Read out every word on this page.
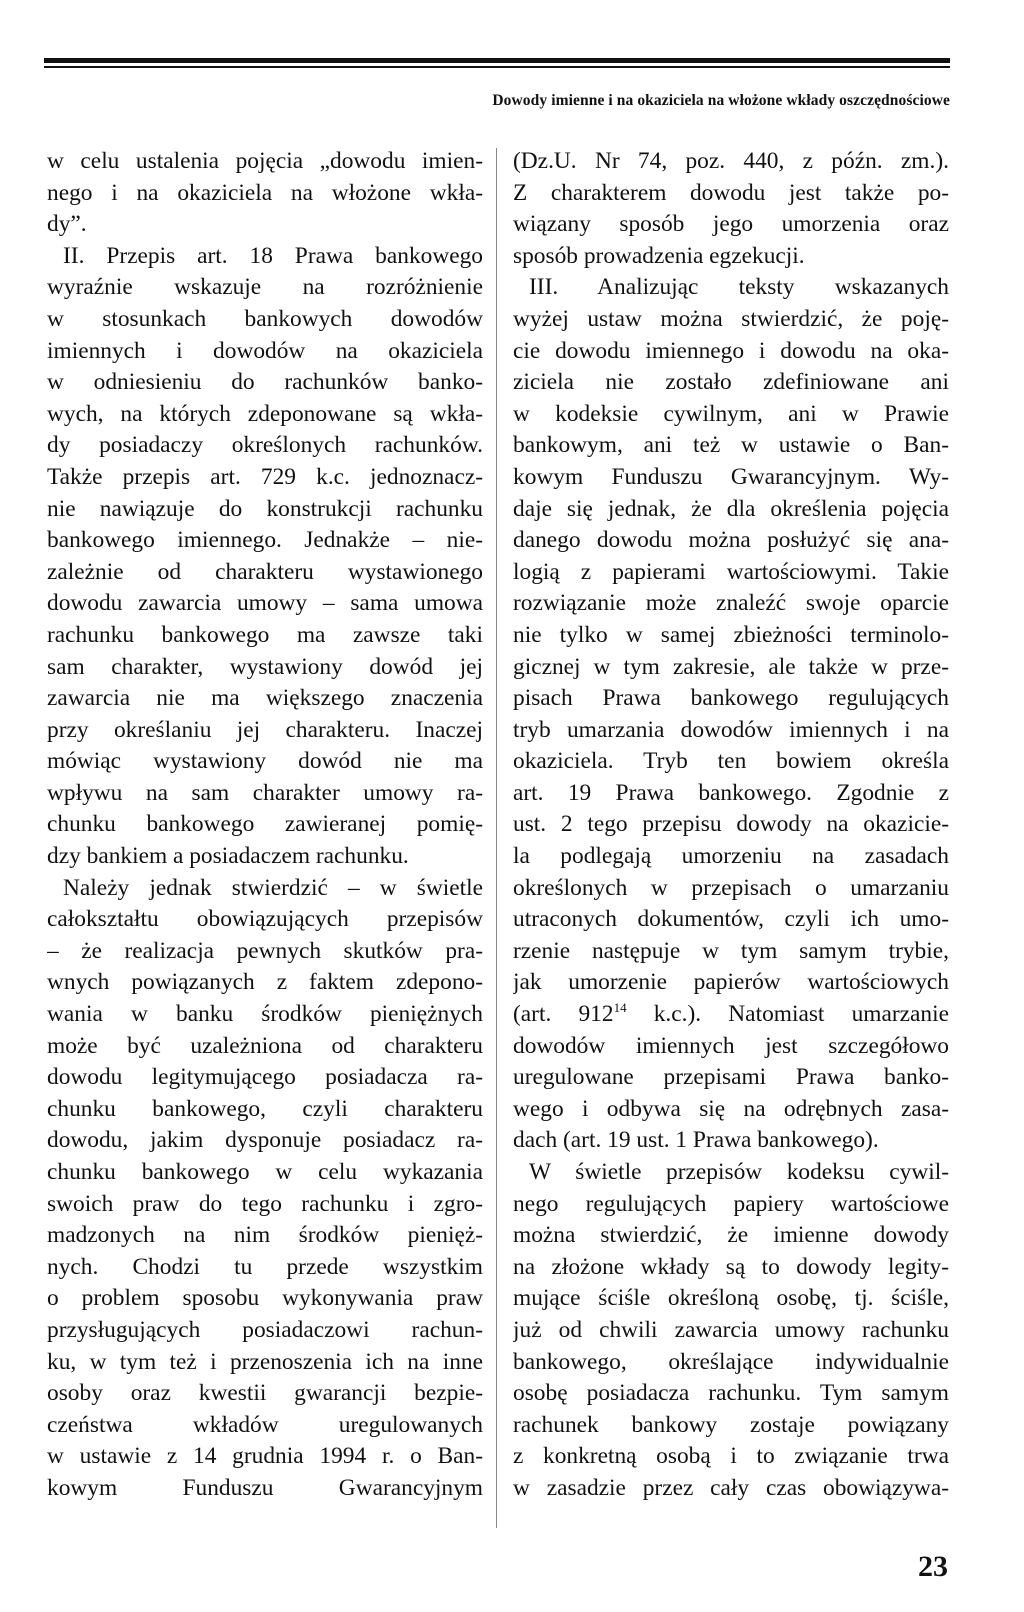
Dowody imienne i na okaziciela na włożone wkłady oszczędnościowe
w celu ustalenia pojęcia „dowodu imien-
nego i na okaziciela na włożone wkła-
dy”.
II. Przepis art. 18 Prawa bankowego
wyraźnie wskazuje na rozróżnienie
w stosunkach bankowych dowodów
imiennych i dowodów na okaziciela
w odniesieniu do rachunków banko-
wych, na których zdeponowane są wkła-
dy posiadaczy określonych rachunków.
Także przepis art. 729 k.c. jednoznacz-
nie nawiązuje do konstrukcji rachunku
bankowego imiennego. Jednakże – nie-
zależnie od charakteru wystawionego
dowodu zawarcia umowy – sama umowa
rachunku bankowego ma zawsze taki
sam charakter, wystawiony dowód jej
zawarcia nie ma większego znaczenia
przy określaniu jej charakteru. Inaczej
mówiąc wystawiony dowód nie ma
wpływu na sam charakter umowy ra-
chunku bankowego zawieranej pomię-
dzy bankiem a posiadaczem rachunku.
Należy jednak stwierdzić – w świetle
całokształtu obowiązujących przepisów
– że realizacja pewnych skutków pra-
wnych powiązanych z faktem zdepono-
wania w banku środków pieniężnych
może być uzależniona od charakteru
dowodu legitymującego posiadacza ra-
chunku bankowego, czyli charakteru
dowodu, jakim dysponuje posiadacz ra-
chunku bankowego w celu wykazania
swoich praw do tego rachunku i zgro-
madzonych na nim środków pienięż-
nych. Chodzi tu przede wszystkim
o problem sposobu wykonywania praw
przysługujących posiadaczowi rachun-
ku, w tym też i przenoszenia ich na inne
osoby oraz kwestii gwarancji bezpie-
czeństwa wkładów uregulowanych
w ustawie z 14 grudnia 1994 r. o Ban-
kowym Funduszu Gwarancyjnym
(Dz.U. Nr 74, poz. 440, z późn. zm.).
Z charakterem dowodu jest także po-
wiązany sposób jego umorzenia oraz
sposób prowadzenia egzekucji.
III. Analizując teksty wskazanych
wyżej ustaw można stwierdzić, że poję-
cie dowodu imiennego i dowodu na oka-
ziciela nie zostało zdefiniowane ani
w kodeksie cywilnym, ani w Prawie
bankowym, ani też w ustawie o Ban-
kowym Funduszu Gwarancyjnym. Wy-
daje się jednak, że dla określenia pojęcia
danego dowodu można posłużyć się ana-
logią z papierami wartościowymi. Takie
rozwiązanie może znaleźć swoje oparcie
nie tylko w samej zbieżności terminolo-
gicznej w tym zakresie, ale także w prze-
pisach Prawa bankowego regulujących
tryb umarzania dowodów imiennych i na
okaziciela. Tryb ten bowiem określa
art. 19 Prawa bankowego. Zgodnie z
ust. 2 tego przepisu dowody na okazicie-
la podlegają umorzeniu na zasadach
określonych w przepisach o umarzaniu
utraconych dokumentów, czyli ich umo-
rzenie następuje w tym samym trybie,
jak umorzenie papierów wartościowych
(art. $912^{14}$ k.c.). Natomiast umarzanie
dowodów imiennych jest szczegółowo
uregulowane przepisami Prawa banko-
wego i odbywa się na odrębnych zasa-
dach (art. 19 ust. 1 Prawa bankowego).
W świetle przepisów kodeksu cywil-
nego regulujących papiery wartościowe
można stwierdzić, że imienne dowody
na złożone wkłady są to dowody legity-
mujące ściśle określoną osobę, tj. ściśle,
już od chwili zawarcia umowy rachunku
bankowego, określające indywidualnie
osobę posiadacza rachunku. Tym samym
rachunek bankowy zostaje powiązany
z konkretną osobą i to związanie trwa
w zasadzie przez cały czas obowiązywa-
23
